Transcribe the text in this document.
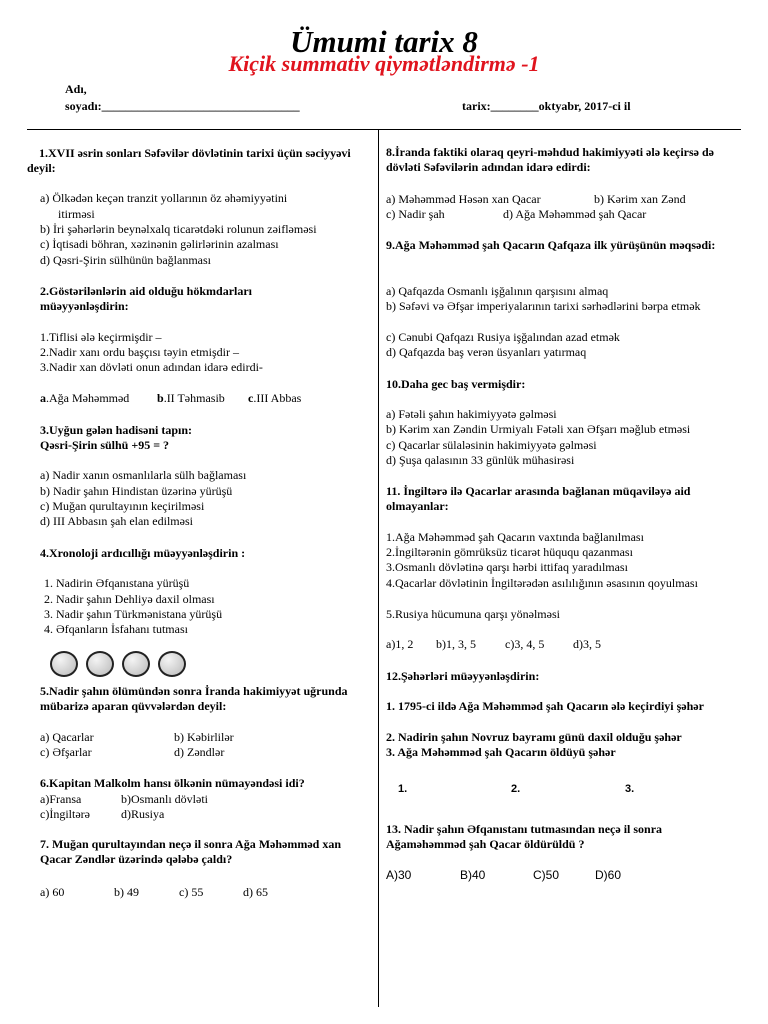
Ümumi tarix 8
Kiçik summativ qiymətləndirmə -1
Adı,
soyadı:_________________________________	tarix:________oktyabr, 2017-ci il
1.XVII əsrin sonları Səfəvilər dövlətinin tarixi üçün səciyyəvi deyil:
a) Ölkədən keçən tranzit yollarının öz əhəmiyyətini
itirməsi
b) İri şəhərlərin beynəlxalq ticarətdəki rolunun zəifləməsi
c) İqtisadi böhran, xəzinənin gəlirlərinin azalması
d) Qəsri-Şirin sülhünün bağlanması
2.Göstərilənlərin aid olduğu hökmdarları müəyyənləşdirin:
1.Tiflisi ələ keçirmişdir –
2.Nadir xanı ordu başçısı təyin etmişdir –
3.Nadir xan dövləti onun adından idarə edirdi-
a.Ağa Məhəmməd b.II Təhmasib c.III Abbas
3.Uyğun gələn hadisəni tapın:
Qəsri-Şirin sülhü +95 = ?
a) Nadir xanın osmanlılarla sülh bağlaması
b) Nadir şahın Hindistan üzərinə yürüşü
c) Muğan qurultayının keçirilməsi
d) III Abbasın şah elan edilməsi
4.Xronoloji ardıcıllığı müəyyənləşdirin :
1. Nadirin Əfqanıstana yürüşü
2. Nadir şahın Dehliyə daxil olması
3. Nadir şahın Türkmənistana yürüşü
4. Əfqanların İsfahanı tutması
5.Nadir şahın ölümündən sonra İranda hakimiyyət uğrunda mübarizə aparan qüvvələrdən deyil:
a) Qacarlar	b) Kəbirlilər
c) Əfşarlar	d) Zəndlər
6.Kapitan Malkolm hansı ölkənin nümayəndəsi idi?
a)Fransa	b)Osmanlı dövləti
c)İngiltərə	d)Rusiya
7. Muğan qurultayından neçə il sonra Ağa Məhəmməd xan Qacar Zəndlər üzərində qələbə çaldı?
a) 60	b) 49	c) 55	d) 65
8.İranda faktiki olaraq qeyri-məhdud hakimiyyəti ələ keçirsə də dövləti Səfəvilərin adından idarə edirdi:
a) Məhəmməd Həsən xan Qacar	b) Kərim xan Zənd
c) Nadir şah	d) Ağa Məhəmməd şah Qacar
9.Ağa Məhəmməd şah Qacarın Qafqaza ilk yürüşünün məqsədi:
a) Qafqazda Osmanlı işğalının qarşısını almaq
b) Səfəvi və Əfşar imperiyalarının tarixi sərhədlərini bərpa etmək
c) Cənubi Qafqazı Rusiya işğalından azad etmək
d) Qafqazda baş verən üsyanları yatırmaq
10.Daha gec baş vermişdir:
a) Fətəli şahın hakimiyyətə gəlməsi
b) Kərim xan Zəndin Urmiyalı Fətəli xan Əfşarı məğlub etməsi
c) Qacarlar sülaləsinin hakimiyyətə gəlməsi
d) Şuşa qalasının 33 günlük mühasirəsi
11. İngiltərə ilə Qacarlar arasında bağlanan müqaviləyə aid olmayanlar:
1.Ağa Məhəmməd şah Qacarın vaxtında bağlanılması
2.İngiltərənin gömrüksüz ticarət hüququ qazanması
3.Osmanlı dövlətinə qarşı hərbi ittifaq yaradılması
4.Qacarlar dövlətinin İngiltərədən asılılığının əsasının qoyulması
5.Rusiya hücumuna qarşı yönəlməsi
a)1, 2 b)1, 3, 5 c)3, 4, 5 d)3, 5
12.Şəhərləri müəyyənləşdirin:
1. 1795-ci ildə Ağa Məhəmməd şah Qacarın ələ keçirdiyi şəhər
2. Nadirin şahın Novruz bayramı günü daxil olduğu şəhər
3. Ağa Məhəmməd şah Qacarın öldüyü şəhər
1.	2.	3.
13. Nadir şahın Əfqanıstanı tutmasından neçə il sonra Ağaməhəmməd şah Qacar öldürüldü ?
A)30	B)40	C)50	D)60
